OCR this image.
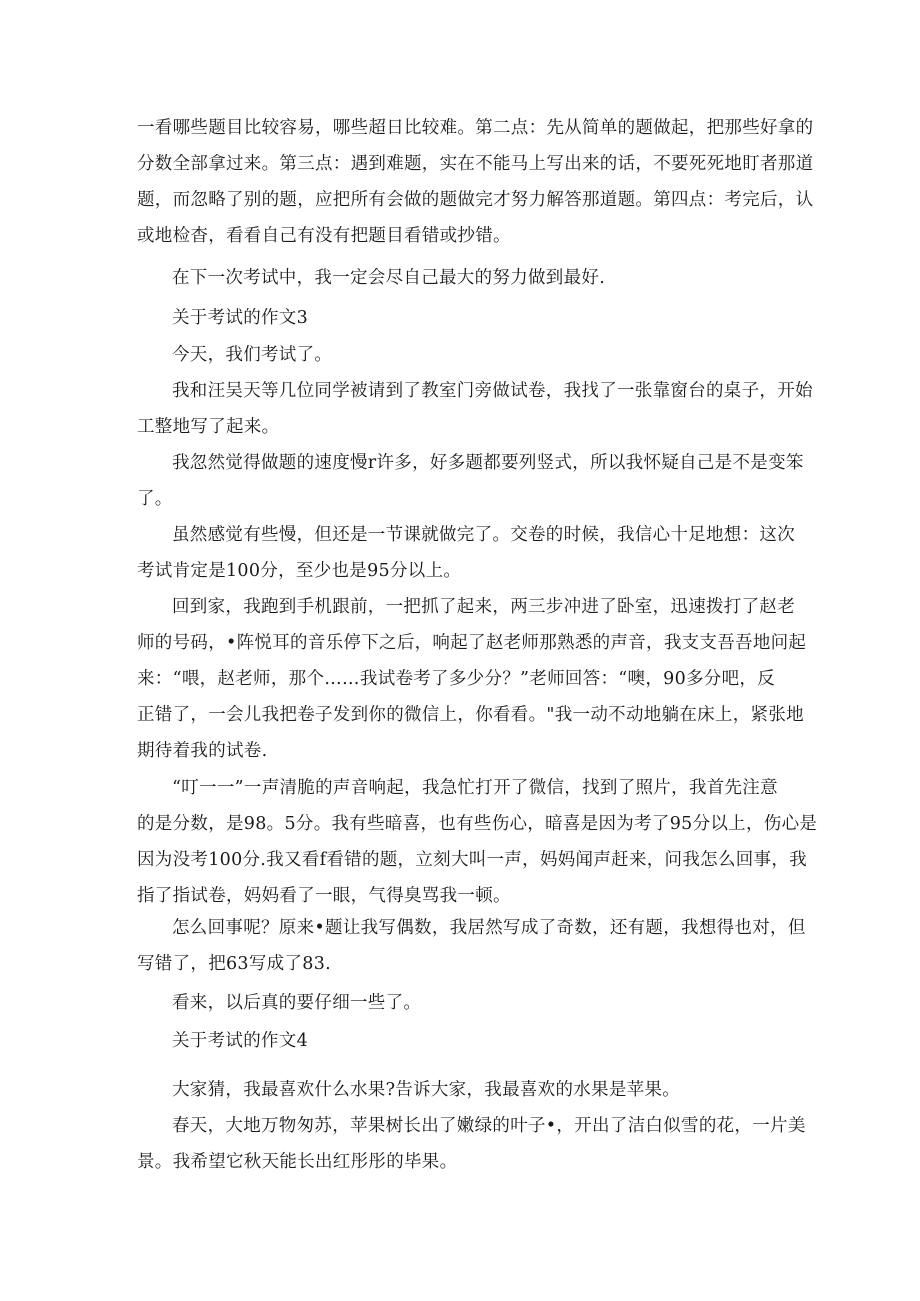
一看哪些题目比较容易，哪些超日比较难。第二点：先从简单的题做起，把那些好拿的
分数全部拿过来。第三点：遇到难题，实在不能马上写出来的话，不要死死地盯者那道
题，而忽略了别的题，应把所有会做的题做完才努力解答那道题。第四点：考完后，认
或地检杳，看看自己有没有把题目看错或抄错。

在下一次考试中，我一定会尽自己最大的努力做到最好.

关于考试的作文3

今天，我们考试了。

我和汪吴天等几位同学被请到了教室门旁做试卷，我找了一张靠窗台的桌子，开始
工整地写了起来。
我忽然觉得做题的速度慢r许多，好多题都要列竖式，所以我怀疑自己是不是变笨
了。
虽然感觉有些慢，但还是一节课就做完了。交卷的时候，我信心十足地想：这次
考试肯定是100分，至少也是95分以上。
回到家，我跑到手机跟前，一把抓了起来，两三步冲进了卧室，迅速拨打了赵老
师的号码，•阵悦耳的音乐停下之后，响起了赵老师那熟悉的声音，我支支吾吾地问起
来：“喂，赵老师，那个……我试卷考了多少分？”老师回答：“噢，90多分吧，反
正错了，一会儿我把卷子发到你的微信上，你看看。"我一动不动地躺在床上，紧张地
期待着我的试卷.
“叮一一”一声清脆的声音响起，我急忙打开了微信，找到了照片，我首先注意
的是分数，是98。5分。我有些暗喜，也有些伤心，暗喜是因为考了95分以上，伤心是
因为没考100分.我又看f看错的题，立刻大叫一声，妈妈闻声赶来，问我怎么回事，我
指了指试卷，妈妈看了一眼，气得臭骂我一顿。
怎么回事呢？原来•题让我写偶数，我居然写成了奇数，还有题，我想得也对，但
写错了，把63写成了83.

看来，以后真的要仔细一些了。

关于考试的作文4

大家猜，我最喜欢什么水果?告诉大家，我最喜欢的水果是苹果。

春天，大地万物匆苏，苹果树长出了嫩绿的叶子•，开出了洁白似雪的花，一片美
景。我希望它秋天能长出红彤彤的毕果。
